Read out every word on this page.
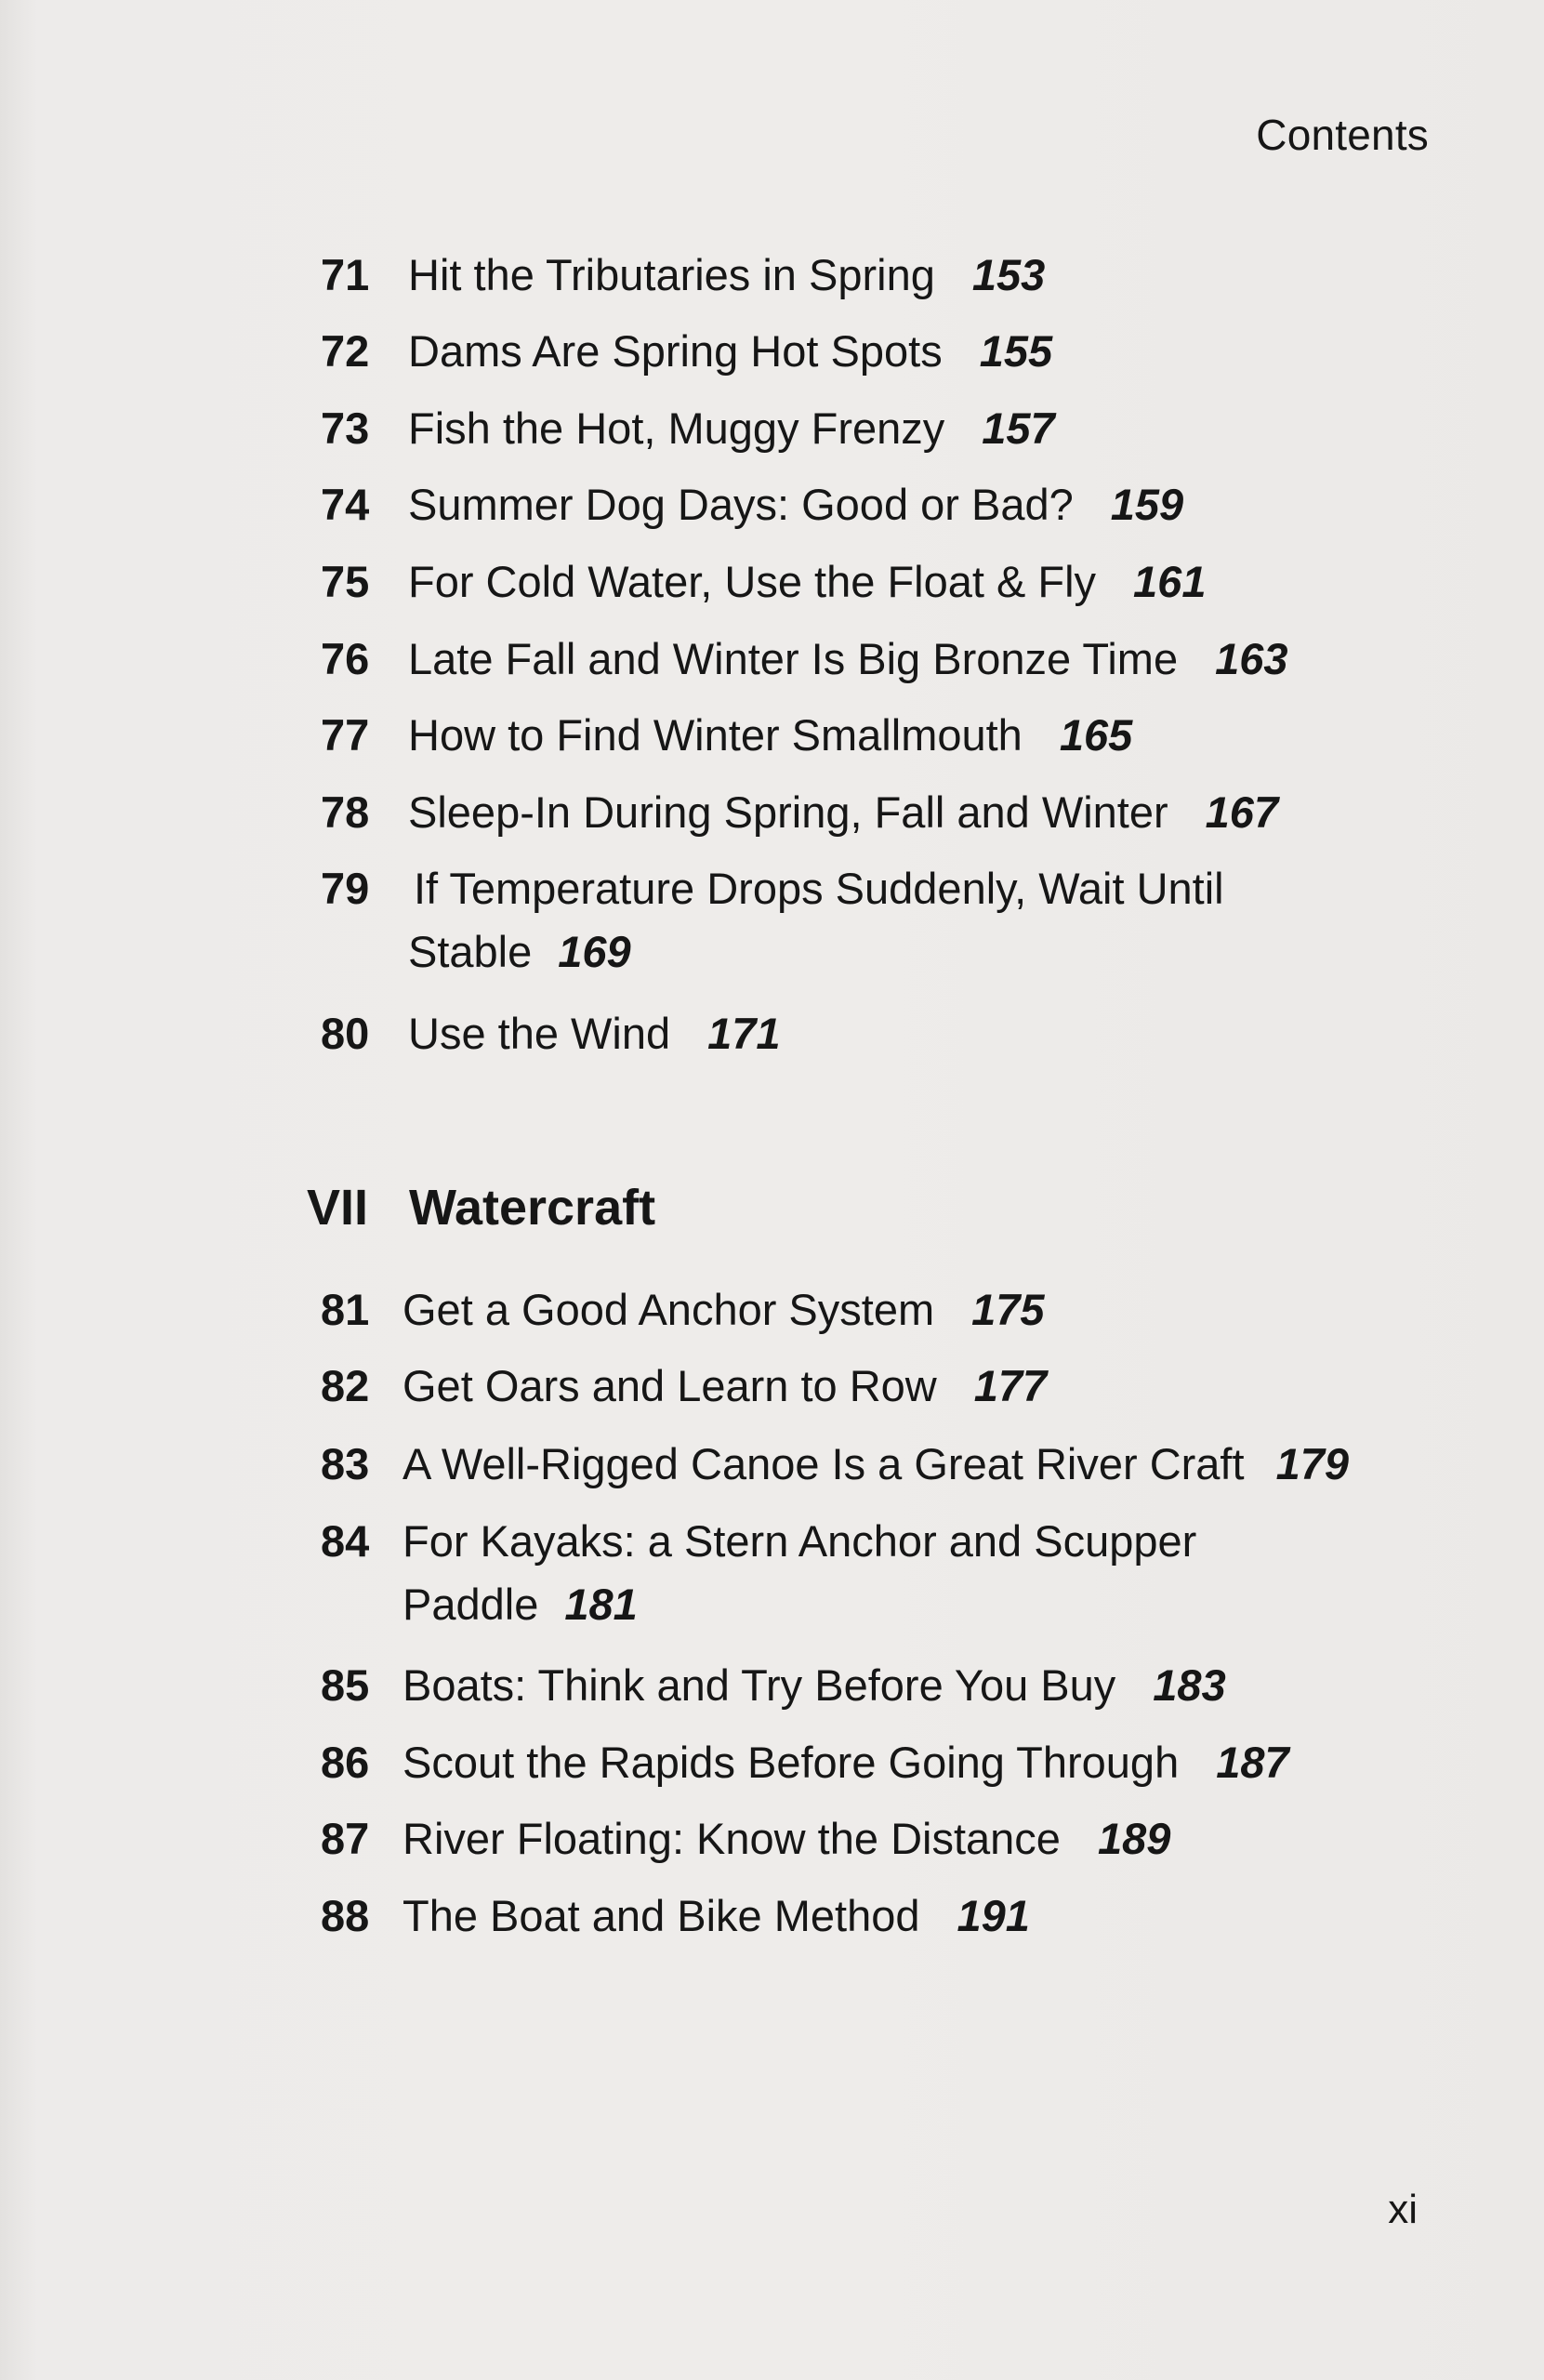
Contents
71 Hit the Tributaries in Spring 153
72 Dams Are Spring Hot Spots 155
73 Fish the Hot, Muggy Frenzy 157
74 Summer Dog Days: Good or Bad? 159
75 For Cold Water, Use the Float & Fly 161
76 Late Fall and Winter Is Big Bronze Time 163
77 How to Find Winter Smallmouth 165
78 Sleep-In During Spring, Fall and Winter 167
79 If Temperature Drops Suddenly, Wait Until
Stable 169
80 Use the Wind 171
VII Watercraft
81 Get a Good Anchor System 175
82 Get Oars and Learn to Row 177
83 A Well-Rigged Canoe Is a Great River Craft 179
84 For Kayaks: a Stern Anchor and Scupper
Paddle 181
85 Boats: Think and Try Before You Buy 183
86 Scout the Rapids Before Going Through 187
87 River Floating: Know the Distance 189
88 The Boat and Bike Method 191
xi
